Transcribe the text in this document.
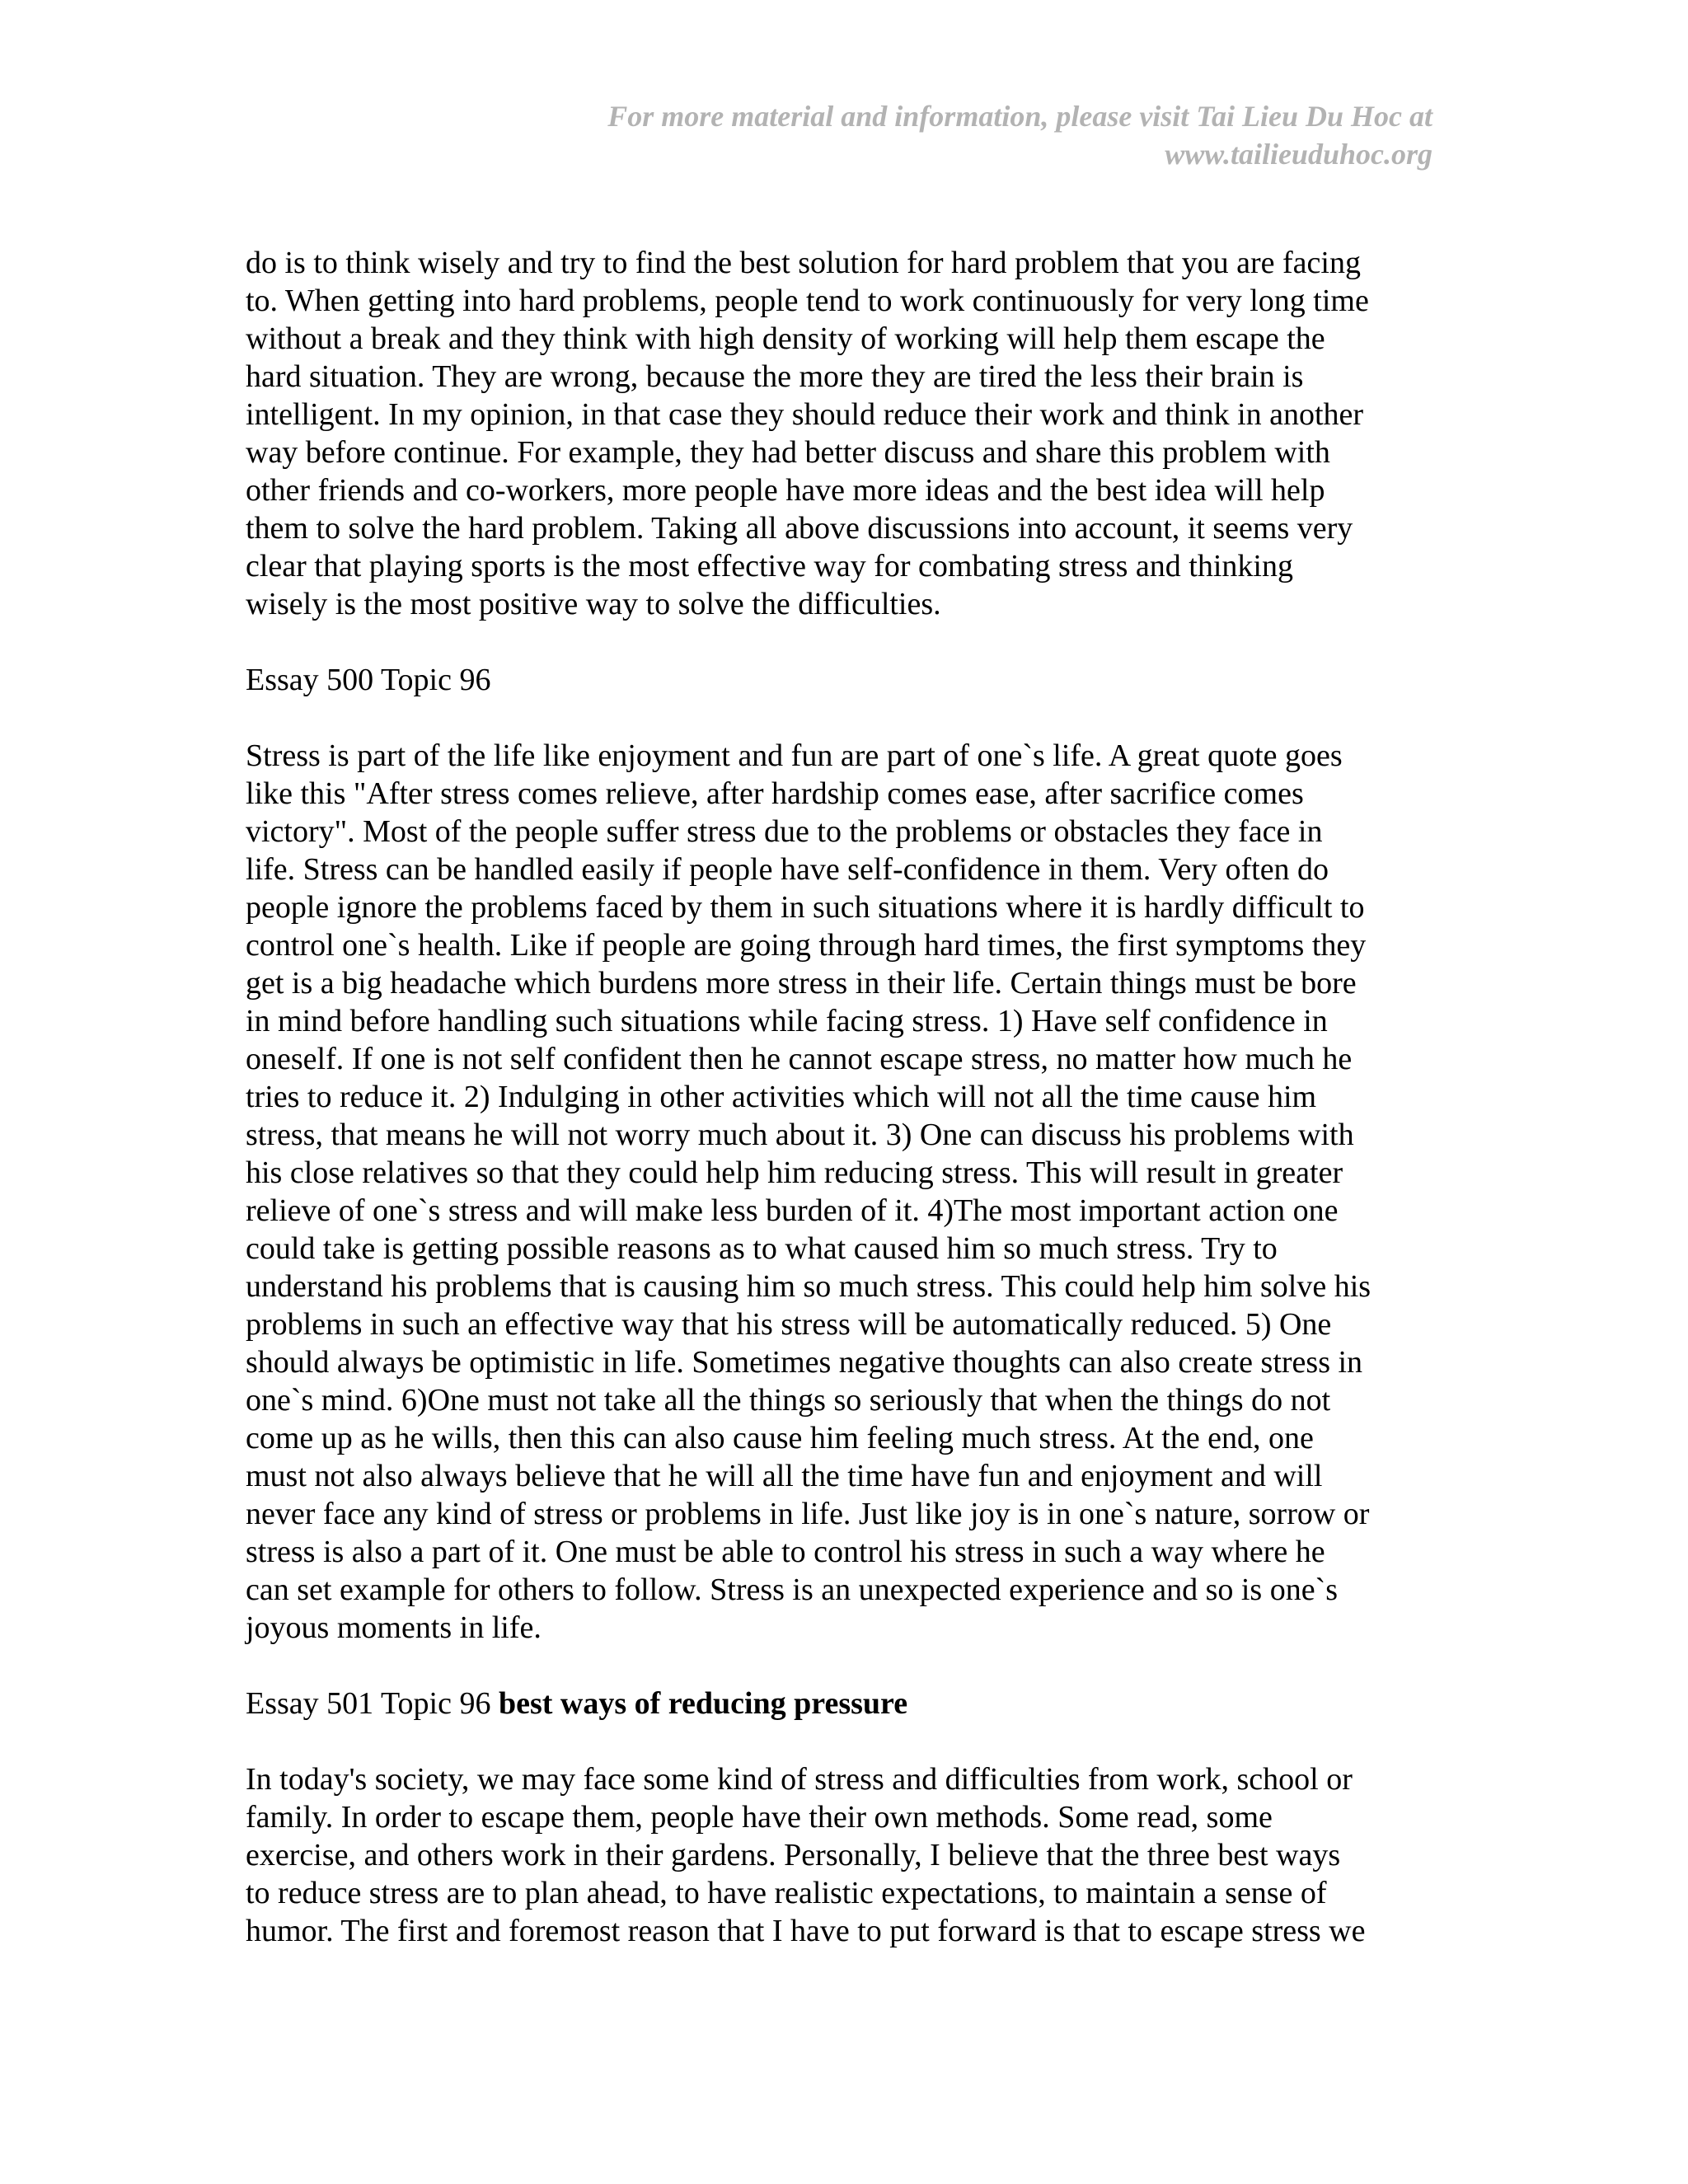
For more material and information, please visit Tai Lieu Du Hoc at
www.tailieuduhoc.org
do is to think wisely and try to find the best solution for hard problem that you are facing
to. When getting into hard problems, people tend to work continuously for very long time
without a break and they think with high density of working will help them escape the
hard situation. They are wrong, because the more they are tired the less their brain is
intelligent. In my opinion, in that case they should reduce their work and think in another
way before continue. For example, they had better discuss and share this problem with
other friends and co-workers, more people have more ideas and the best idea will help
them to solve the hard problem. Taking all above discussions into account, it seems very
clear that playing sports is the most effective way for combating stress and thinking
wisely is the most positive way to solve the difficulties.
Essay 500 Topic 96
Stress is part of the life like enjoyment and fun are part of one`s life. A great quote goes
like this "After stress comes relieve, after hardship comes ease, after sacrifice comes
victory". Most of the people suffer stress due to the problems or obstacles they face in
life. Stress can be handled easily if people have self-confidence in them. Very often do
people ignore the problems faced by them in such situations where it is hardly difficult to
control one`s health. Like if people are going through hard times, the first symptoms they
get is a big headache which burdens more stress in their life. Certain things must be bore
in mind before handling such situations while facing stress. 1) Have self confidence in
oneself. If one is not self confident then he cannot escape stress, no matter how much he
tries to reduce it. 2) Indulging in other activities which will not all the time cause him
stress, that means he will not worry much about it. 3) One can discuss his problems with
his close relatives so that they could help him reducing stress. This will result in greater
relieve of one`s stress and will make less burden of it. 4)The most important action one
could take is getting possible reasons as to what caused him so much stress. Try to
understand his problems that is causing him so much stress. This could help him solve his
problems in such an effective way that his stress will be automatically reduced. 5) One
should always be optimistic in life. Sometimes negative thoughts can also create stress in
one`s mind. 6)One must not take all the things so seriously that when the things do not
come up as he wills, then this can also cause him feeling much stress. At the end, one
must not also always believe that he will all the time have fun and enjoyment and will
never face any kind of stress or problems in life. Just like joy is in one`s nature, sorrow or
stress is also a part of it. One must be able to control his stress in such a way where he
can set example for others to follow. Stress is an unexpected experience and so is one`s
joyous moments in life.
Essay 501 Topic 96 best ways of reducing pressure
In today's society, we may face some kind of stress and difficulties from work, school or
family. In order to escape them, people have their own methods. Some read, some
exercise, and others work in their gardens. Personally, I believe that the three best ways
to reduce stress are to plan ahead, to have realistic expectations, to maintain a sense of
humor. The first and foremost reason that I have to put forward is that to escape stress we
